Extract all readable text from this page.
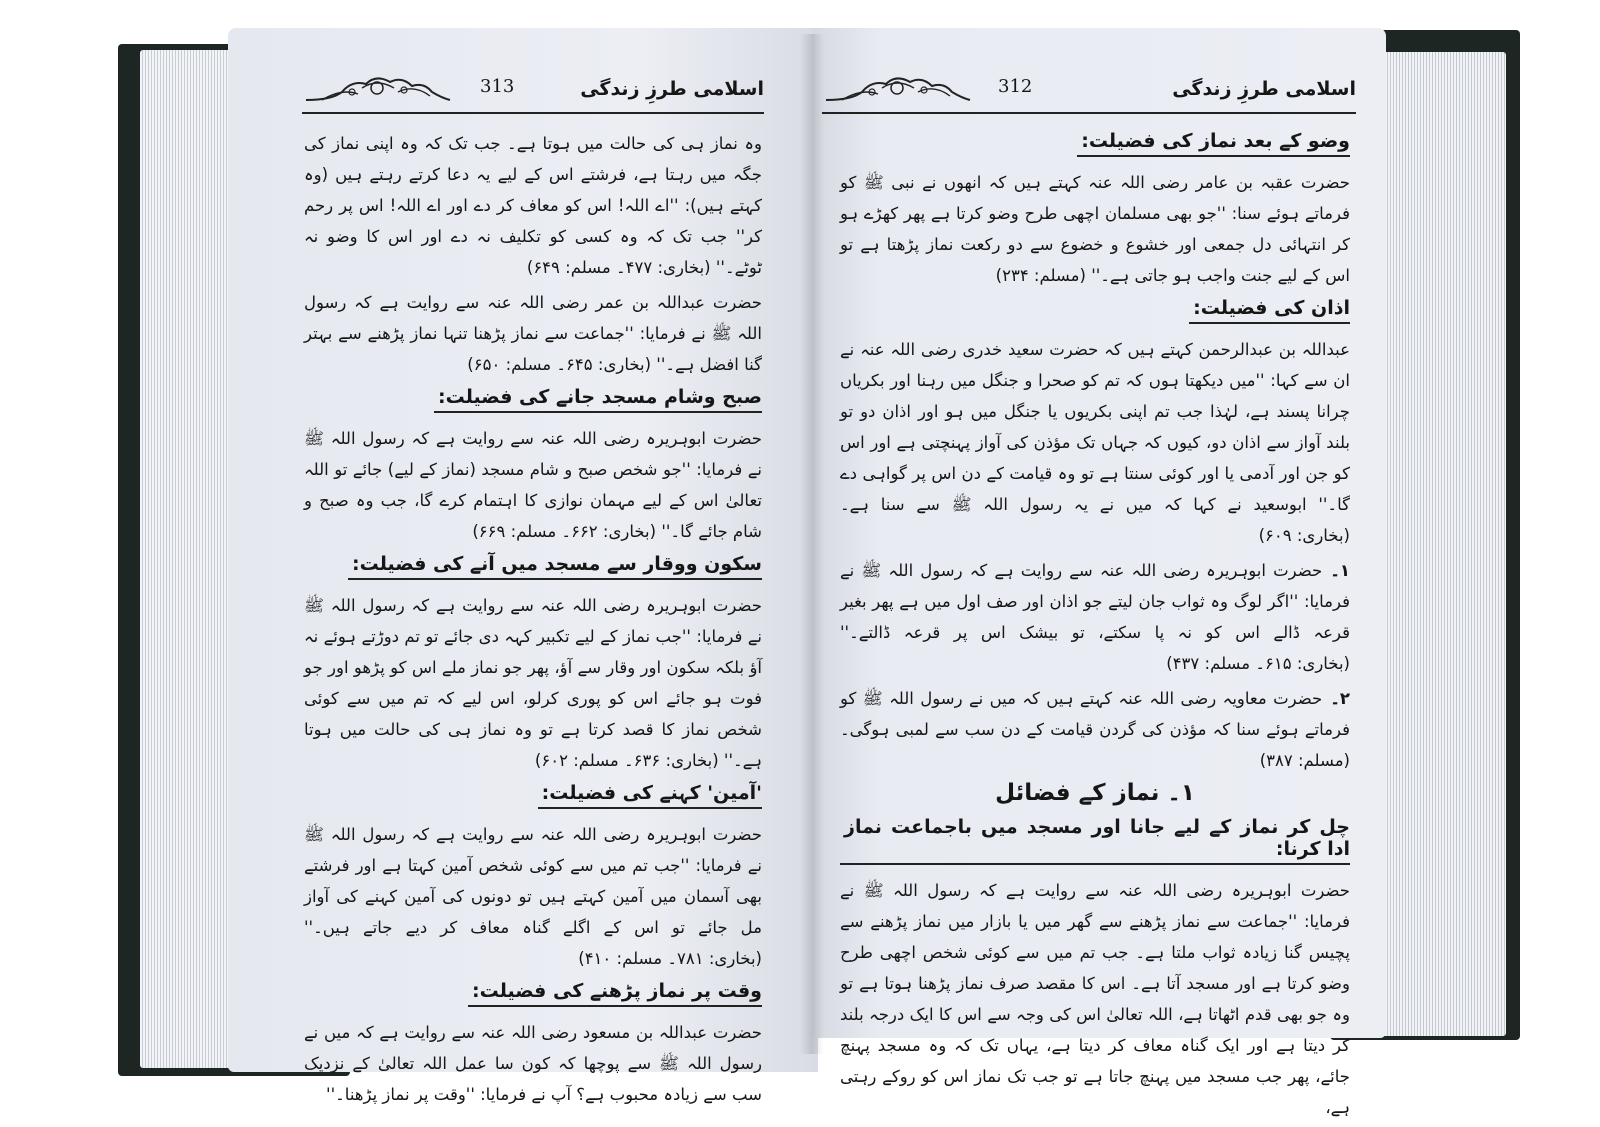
اسلامی طرزِ زندگی
313

وہ نماز ہی کی حالت میں ہوتا ہے۔ جب تک کہ وہ اپنی نماز کی جگہ میں رہتا ہے، فرشتے اس کے لیے یہ دعا کرتے رہتے ہیں (وہ کہتے ہیں): ''اے اللہ! اس کو معاف کر دے اور اے اللہ! اس پر رحم کر'' جب تک کہ وہ کسی کو تکلیف نہ دے اور اس کا وضو نہ ٹوٹے۔'' (بخاری: ۴۷۷۔ مسلم: ۶۴۹)

حضرت عبداللہ بن عمر رضی اللہ عنہ سے روایت ہے کہ رسول اللہ ﷺ نے فرمایا: ''جماعت سے نماز پڑھنا تنہا نماز پڑھنے سے بہتر گنا افضل ہے۔'' (بخاری: ۶۴۵۔ مسلم: ۶۵۰)

صبح وشام مسجد جانے کی فضیلت:

حضرت ابوہریرہ رضی اللہ عنہ سے روایت ہے کہ رسول اللہ ﷺ نے فرمایا: ''جو شخص صبح و شام مسجد (نماز کے لیے) جائے تو اللہ تعالیٰ اس کے لیے مہمان نوازی کا اہتمام کرے گا، جب وہ صبح و شام جائے گا۔'' (بخاری: ۶۶۲۔ مسلم: ۶۶۹)

سکون ووقار سے مسجد میں آنے کی فضیلت:

حضرت ابوہریرہ رضی اللہ عنہ سے روایت ہے کہ رسول اللہ ﷺ نے فرمایا: ''جب نماز کے لیے تکبیر کہہ دی جائے تو تم دوڑتے ہوئے نہ آؤ بلکہ سکون اور وقار سے آؤ، پھر جو نماز ملے اس کو پڑھو اور جو فوت ہو جائے اس کو پوری کرلو، اس لیے کہ تم میں سے کوئی شخص نماز کا قصد کرتا ہے تو وہ نماز ہی کی حالت میں ہوتا ہے۔'' (بخاری: ۶۳۶۔ مسلم: ۶۰۲)

'آمین' کہنے کی فضیلت:

حضرت ابوہریرہ رضی اللہ عنہ سے روایت ہے کہ رسول اللہ ﷺ نے فرمایا: ''جب تم میں سے کوئی شخص آمین کہتا ہے اور فرشتے بھی آسمان میں آمین کہتے ہیں تو دونوں کی آمین کہنے کی آواز مل جائے تو اس کے اگلے گناہ معاف کر دیے جاتے ہیں۔'' (بخاری: ۷۸۱۔ مسلم: ۴۱۰)

وقت پر نماز پڑھنے کی فضیلت:

حضرت عبداللہ بن مسعود رضی اللہ عنہ سے روایت ہے کہ میں نے رسول اللہ ﷺ سے پوچھا کہ کون سا عمل اللہ تعالیٰ کے نزدیک سب سے زیادہ محبوب ہے؟ آپ نے فرمایا: ''وقت پر نماز پڑھنا۔''

اسلامی طرزِ زندگی
312
وضو کے بعد نماز کی فضیلت:

حضرت عقبہ بن عامر رضی اللہ عنہ کہتے ہیں کہ انھوں نے نبی ﷺ کو فرماتے ہوئے سنا: ''جو بھی مسلمان اچھی طرح وضو کرتا ہے پھر کھڑے ہو کر انتہائی دل جمعی اور خشوع و خضوع سے دو رکعت نماز پڑھتا ہے تو اس کے لیے جنت واجب ہو جاتی ہے۔'' (مسلم: ۲۳۴)

اذان کی فضیلت:

عبداللہ بن عبدالرحمن کہتے ہیں کہ حضرت سعید خدری رضی اللہ عنہ نے ان سے کہا: ''میں دیکھتا ہوں کہ تم کو صحرا و جنگل میں رہنا اور بکریاں چرانا پسند ہے، لہٰذا جب تم اپنی بکریوں یا جنگل میں ہو اور اذان دو تو بلند آواز سے اذان دو، کیوں کہ جہاں تک مؤذن کی آواز پہنچتی ہے اور اس کو جن اور آدمی یا اور کوئی سنتا ہے تو وہ قیامت کے دن اس پر گواہی دے گا۔'' ابوسعید نے کہا کہ میں نے یہ رسول اللہ ﷺ سے سنا ہے۔ (بخاری: ۶۰۹)

۱۔حضرت ابوہریرہ رضی اللہ عنہ سے روایت ہے کہ رسول اللہ ﷺ نے فرمایا: ''اگر لوگ وہ ثواب جان لیتے جو اذان اور صف اول میں ہے پھر بغیر قرعہ ڈالے اس کو نہ پا سکتے، تو بیشک اس پر قرعہ ڈالتے۔'' (بخاری: ۶۱۵۔ مسلم: ۴۳۷)

۲۔حضرت معاویہ رضی اللہ عنہ کہتے ہیں کہ میں نے رسول اللہ ﷺ کو فرماتے ہوئے سنا کہ مؤذن کی گردن قیامت کے دن سب سے لمبی ہوگی۔ (مسلم: ۳۸۷)

۱۔ نماز کے فضائل
چل کر نماز کے لیے جانا اور مسجد میں باجماعت نماز ادا کرنا:

حضرت ابوہریرہ رضی اللہ عنہ سے روایت ہے کہ رسول اللہ ﷺ نے فرمایا: ''جماعت سے نماز پڑھنے سے گھر میں یا بازار میں نماز پڑھنے سے پچیس گنا زیادہ ثواب ملتا ہے۔ جب تم میں سے کوئی شخص اچھی طرح وضو کرتا ہے اور مسجد آتا ہے۔ اس کا مقصد صرف نماز پڑھنا ہوتا ہے تو وہ جو بھی قدم اٹھاتا ہے، اللہ تعالیٰ اس کی وجہ سے اس کا ایک درجہ بلند کر دیتا ہے اور ایک گناہ معاف کر دیتا ہے، یہاں تک کہ وہ مسجد پہنچ جائے، پھر جب مسجد میں پہنچ جاتا ہے تو جب تک نماز اس کو روکے رہتی ہے،
